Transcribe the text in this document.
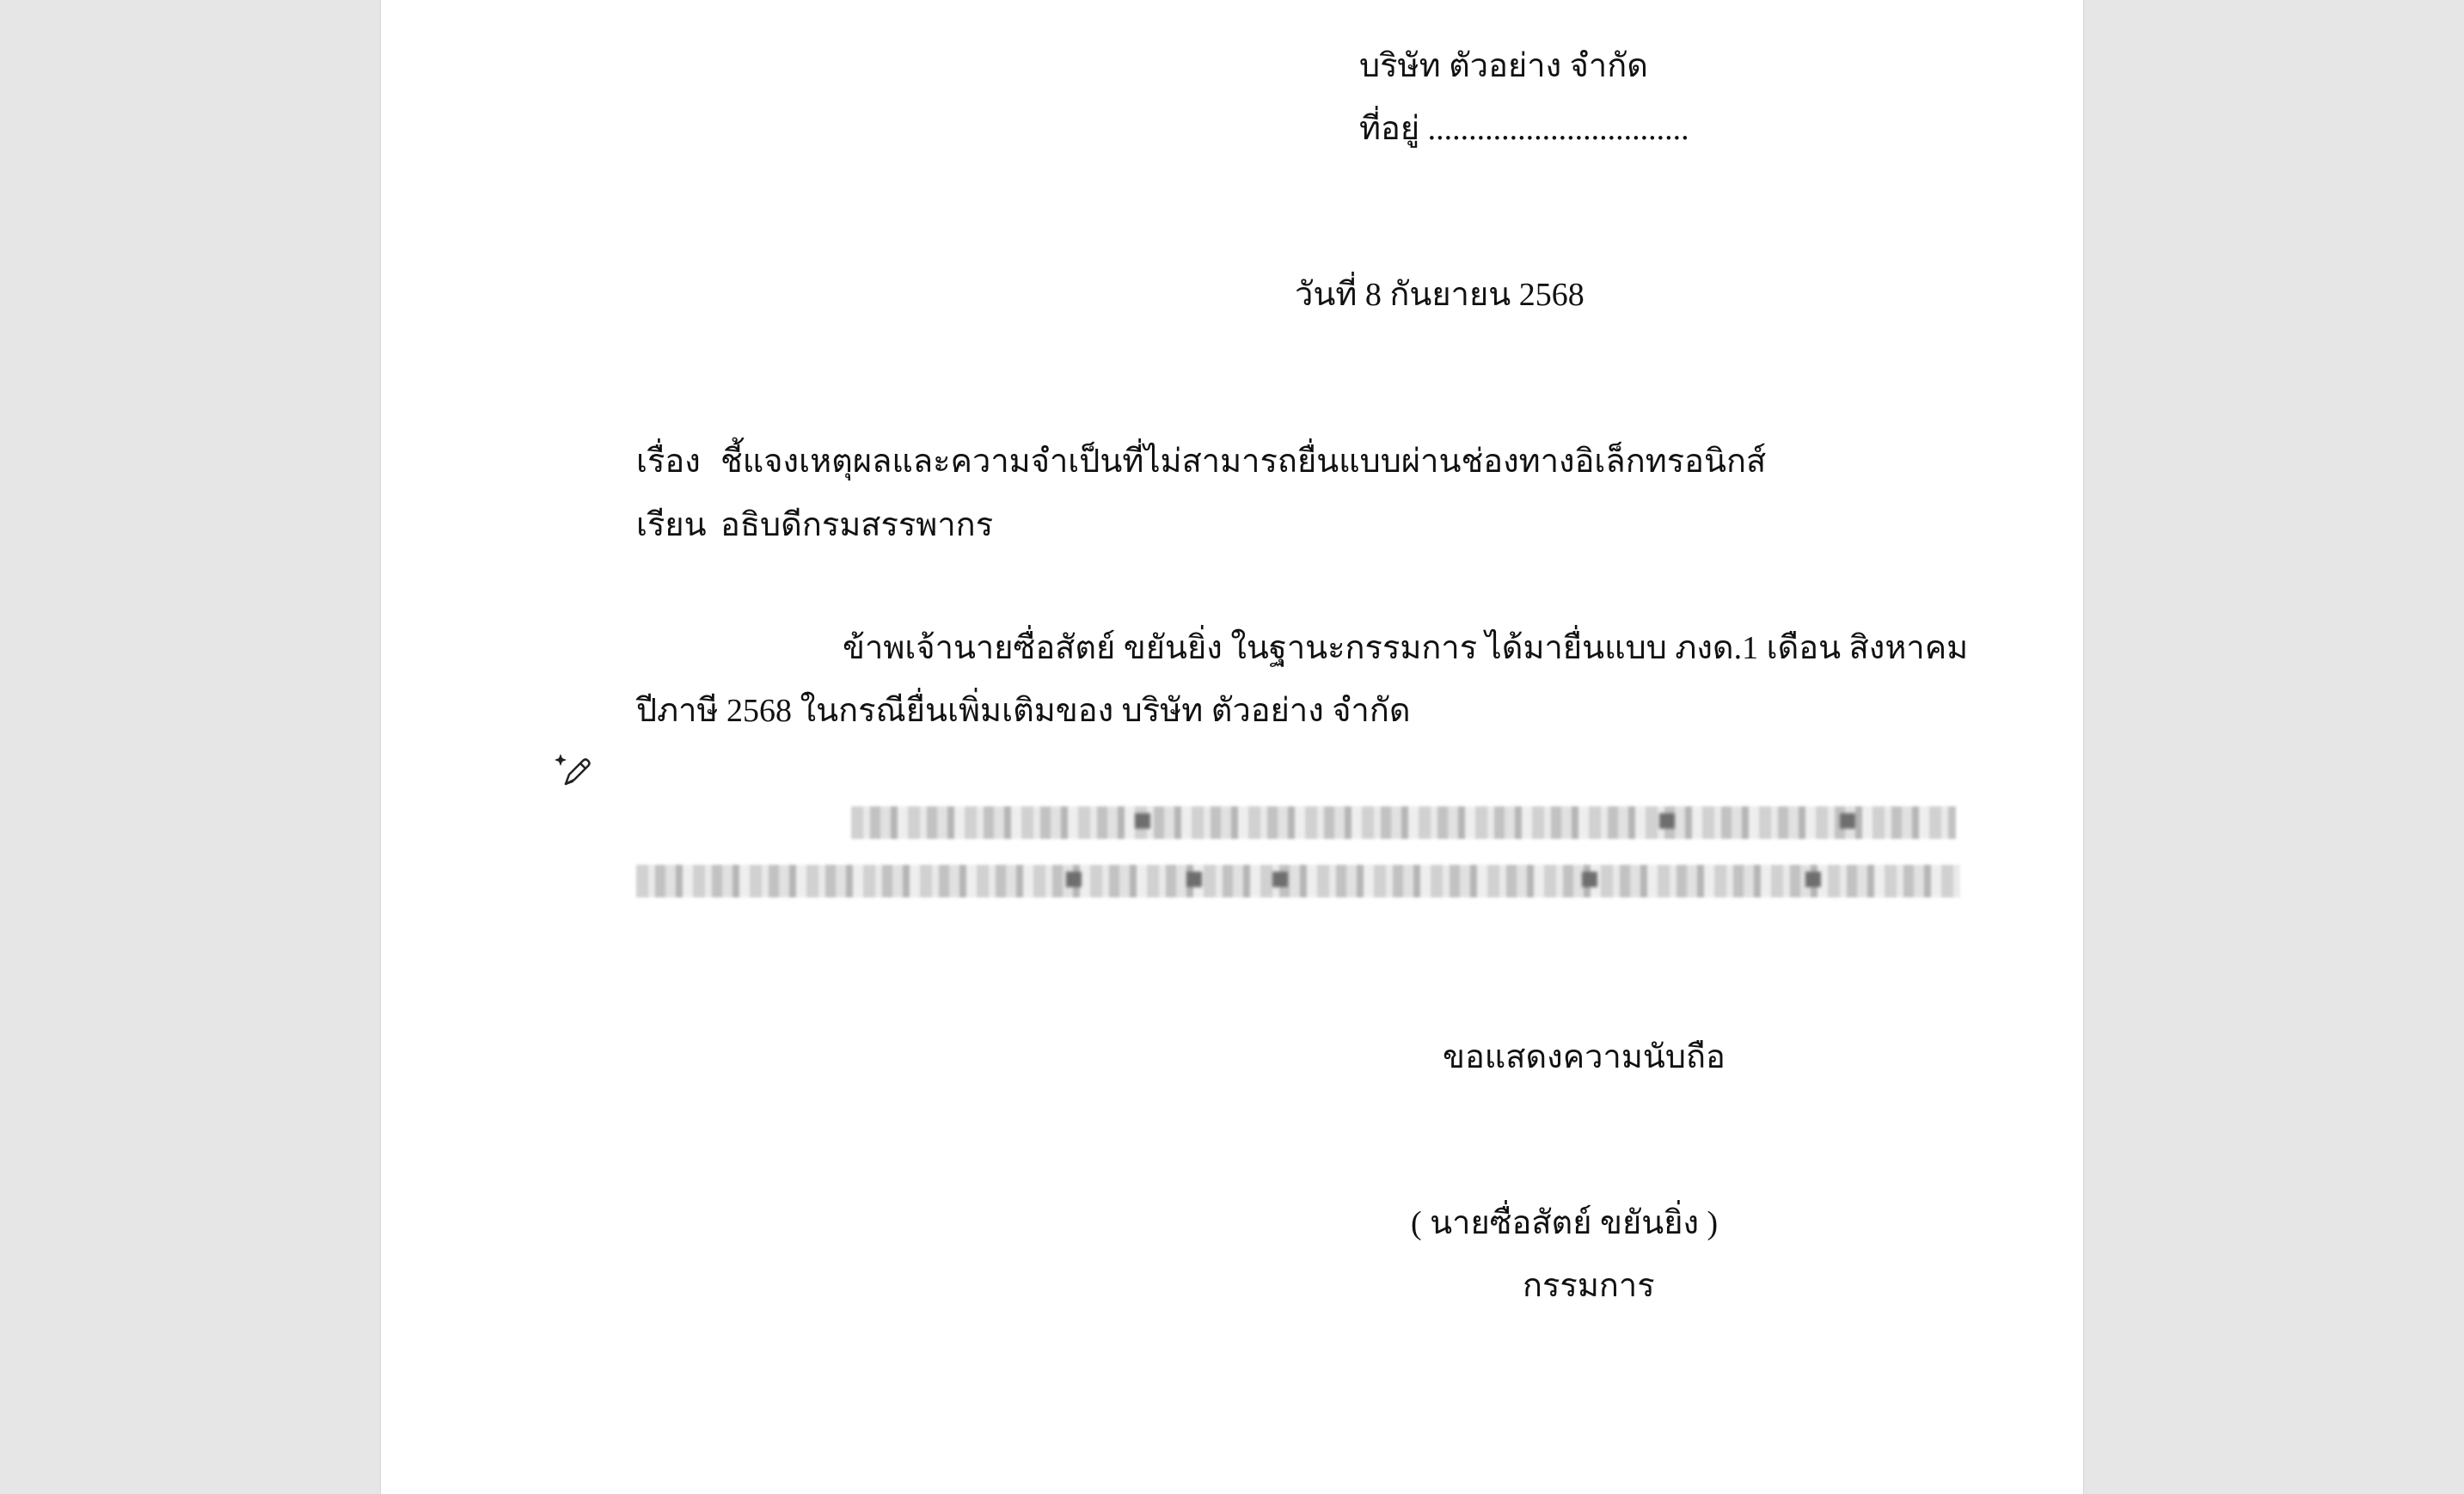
บริษัท ตัวอย่าง จำกัด
ที่อยู่ ................................
วันที่ 8 กันยายน 2568
เรื่อง ชี้แจงเหตุผลและความจำเป็นที่ไม่สามารถยื่นแบบผ่านช่องทางอิเล็กทรอนิกส์
เรียน อธิบดีกรมสรรพากร
ข้าพเจ้านายซื่อสัตย์ ขยันยิ่ง ในฐานะกรรมการ ได้มายื่นแบบ ภงด.1 เดือน สิงหาคม
ปีภาษี 2568 ในกรณียื่นเพิ่มเติมของ บริษัท ตัวอย่าง จำกัด
ขอแสดงความนับถือ
( นายซื่อสัตย์ ขยันยิ่ง )
กรรมการ
